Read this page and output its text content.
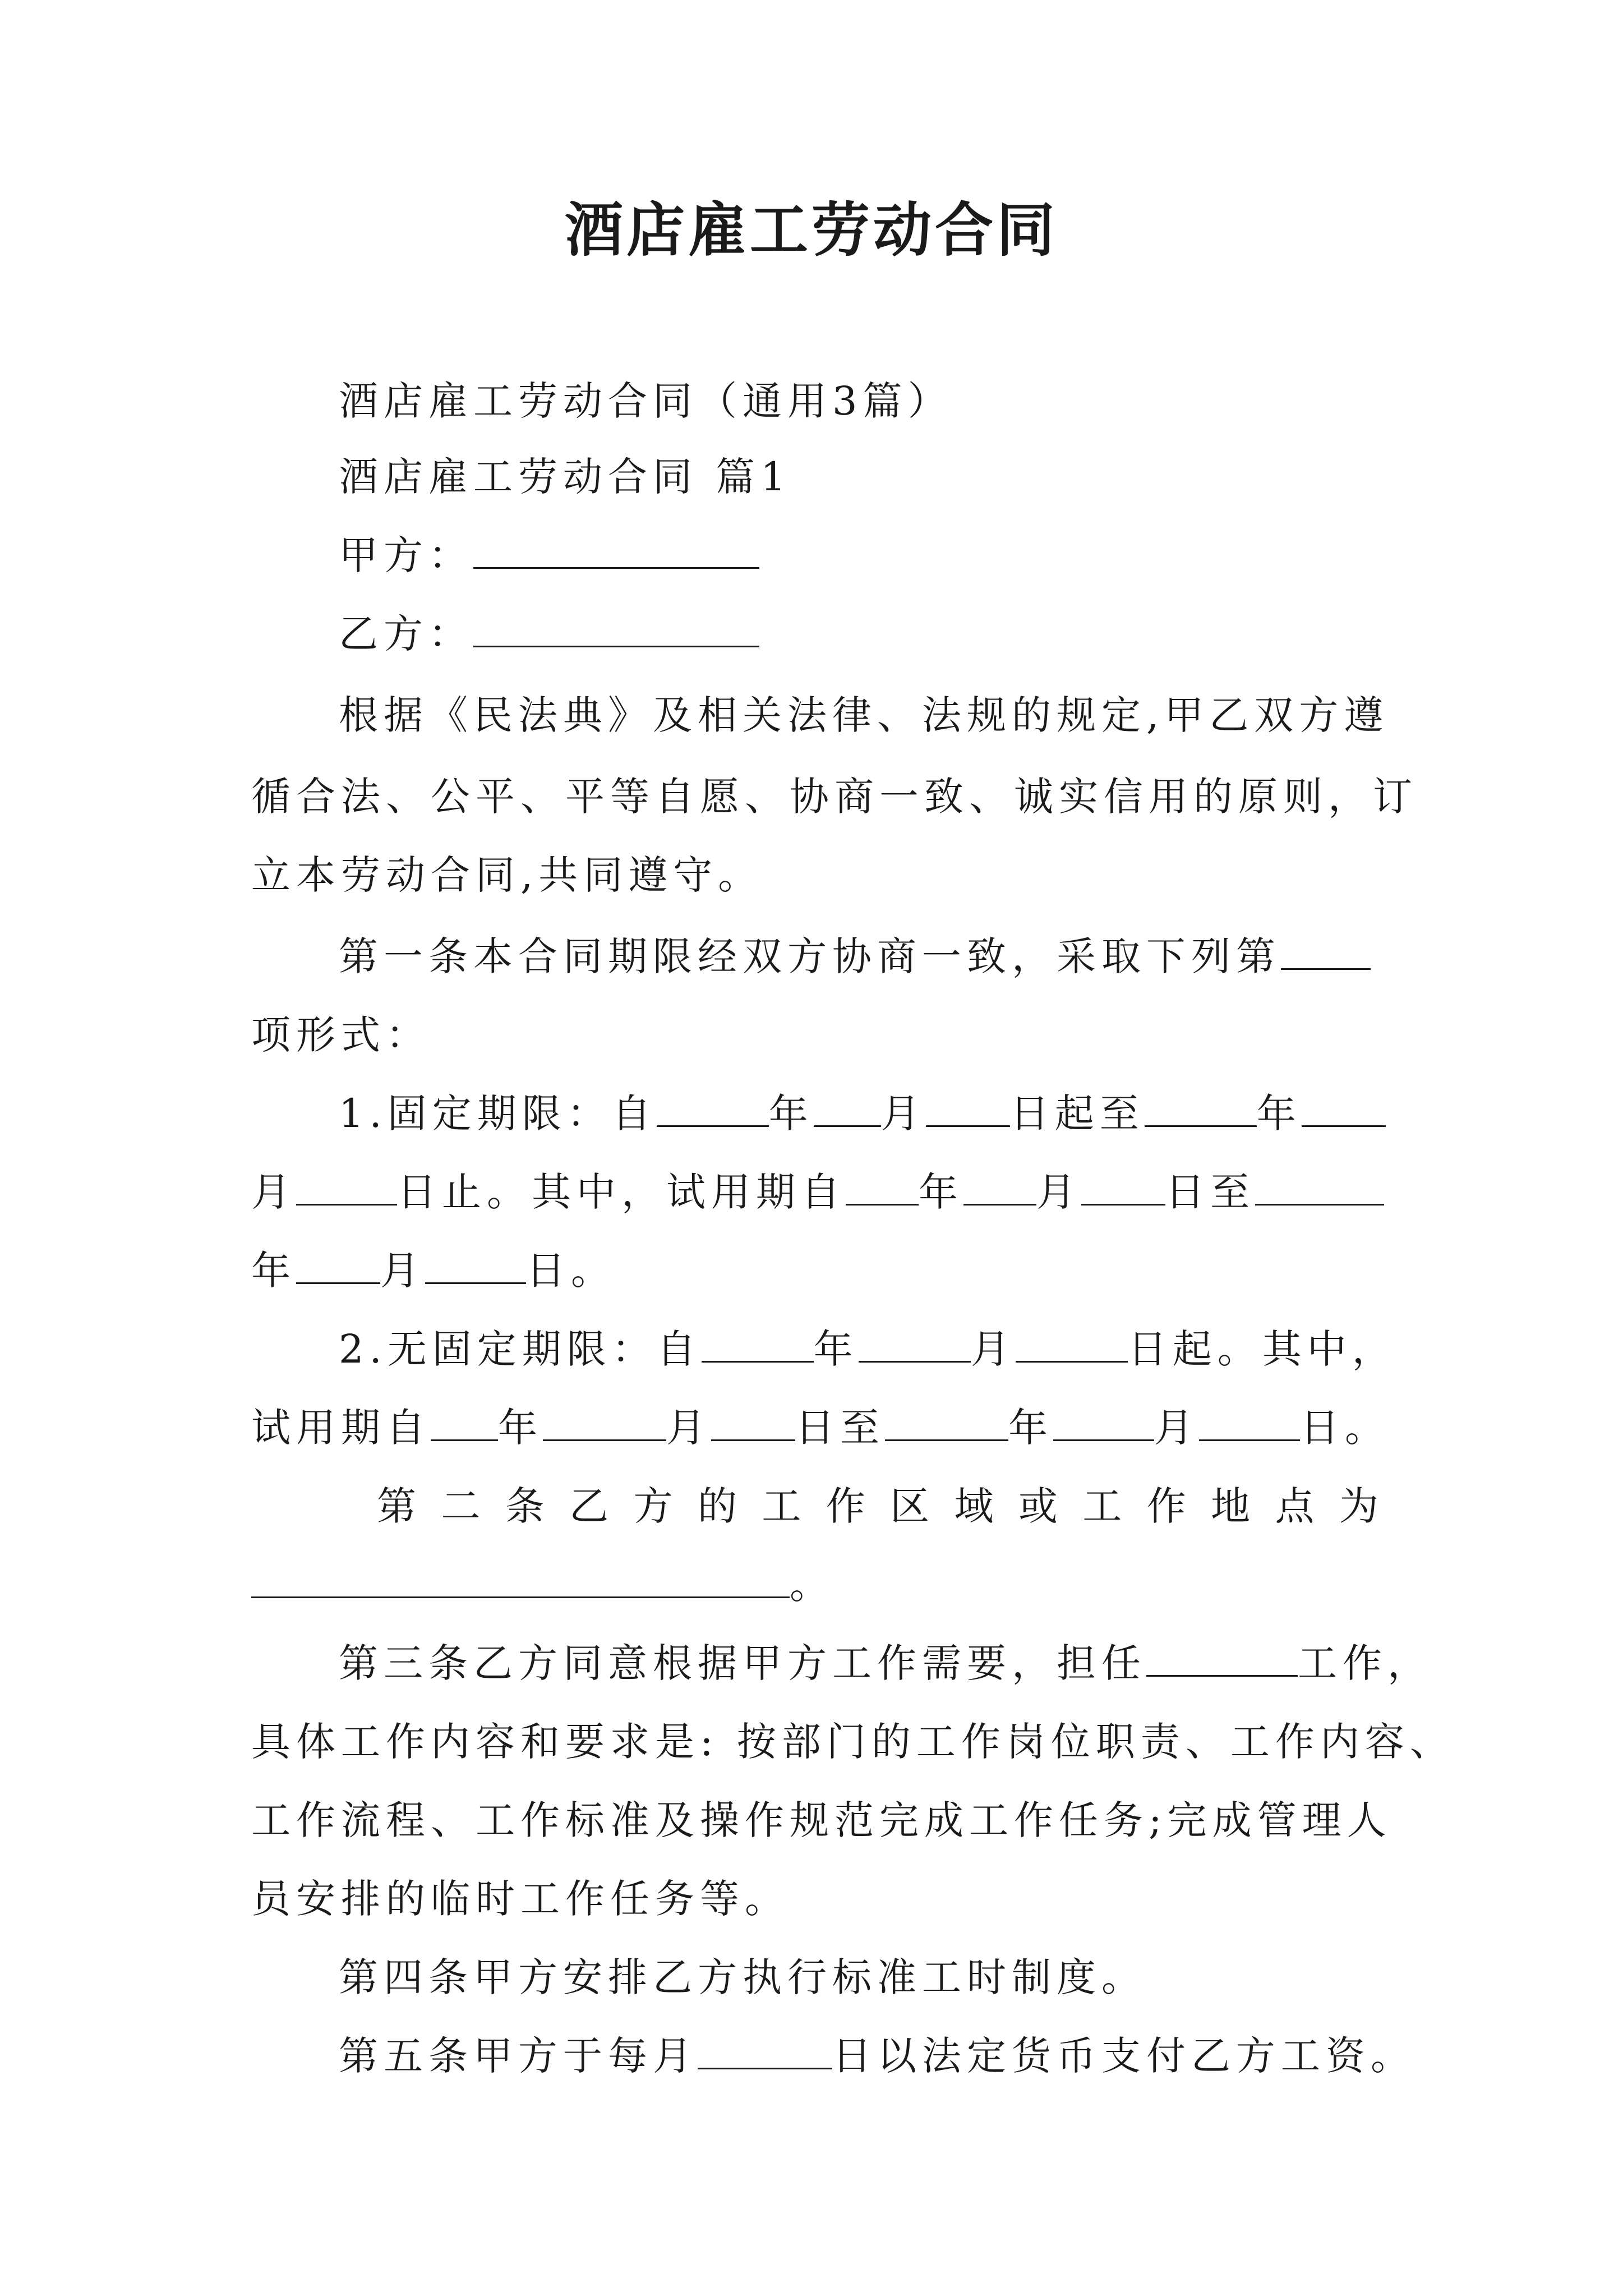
酒店雇工劳动合同
酒店雇工劳动合同（通用3篇）
酒店雇工劳动合同 篇1
甲方：
乙方：
根据《民法典》及相关法律、法规的规定,甲乙双方遵
循合法、公平、平等自愿、协商一致、诚实信用的原则，订
立本劳动合同,共同遵守。
第一条本合同期限经双方协商一致，采取下列第
项形式：
1.固定期限：自	年 月 日起至	年
月	日止。其中，试用期自 年 月 日至
年 月	日。
2.无固定期限：自	年	月	日起。其中，
试用期自 年	月 日至	年	月	日。
第 二 条 乙 方 的 工 作 区 域 或 工 作 地 点 为
。
第三条乙方同意根据甲方工作需要，担任	工作，
具体工作内容和要求是: 按部门的工作岗位职责、工作内容、
工作流程、工作标准及操作规范完成工作任务;完成管理人
员安排的临时工作任务等。
第四条甲方安排乙方执行标准工时制度。
第五条甲方于每月	日以法定货币支付乙方工资。
